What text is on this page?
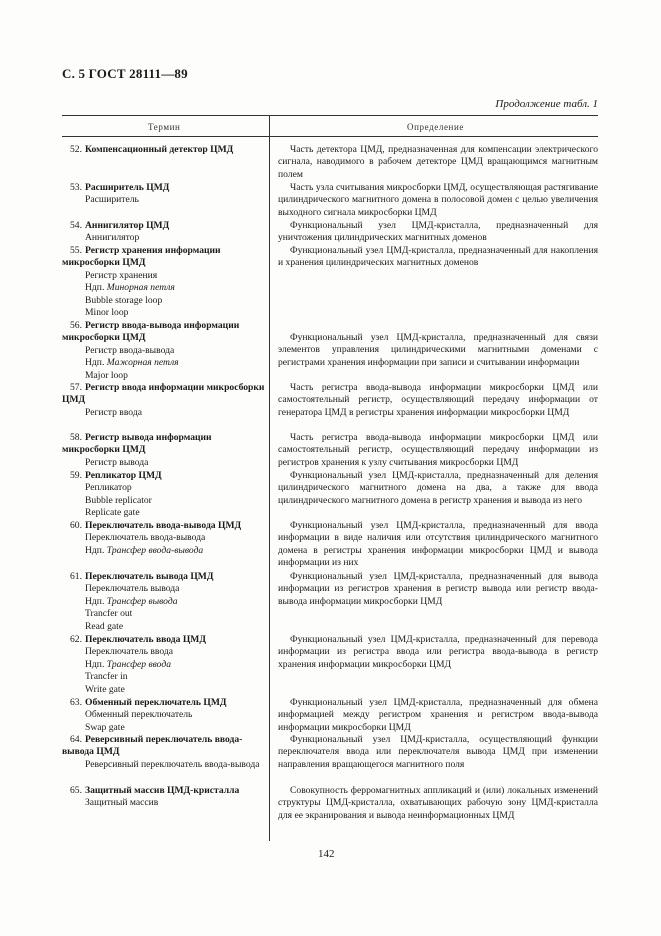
С. 5 ГОСТ 28111—89
Продолжение табл. 1
Термин	Определение
52. Компенсационный детектор ЦМД	Часть детектора ЦМД, предназначенная для компенсации электрического сигнала, наводимого в рабочем детекторе ЦМД вращающимся магнитным полем

53. Расширитель ЦМД
Расширитель

Часть узла считывания микросборки ЦМД, осуществляющая растягивание цилиндрического магнитного домена в полосовой домен с целью увеличения выходного сигнала микросборки ЦМД

54. Аннигилятор ЦМД
Аннигилятор

Функциональный узел ЦМД-кристалла, предназначенный для уничтожения цилиндрических магнитных доменов

55. Регистр хранения информации микросборки ЦМД
Регистр хранения
Ндп. Минорная петля
Bubble storage loop
Minor loop

Функциональный узел ЦМД-кристалла, предназначенный для накопления и хранения цилиндрических магнитных доменов

56. Регистр ввода-вывода информации микросборки ЦМД
Регистр ввода-вывода
Ндп. Мажорная петля
Major loop

Функциональный узел ЦМД-кристалла, предназначенный для связи элементов управления цилиндрическими магнитными доменами с регистрами хранения информации при записи и считывании информации

57. Регистр ввода информации микросборки ЦМД
Регистр ввода

Часть регистра ввода-вывода информации микросборки ЦМД или самостоятельный регистр, осуществляющий передачу информации от генератора ЦМД в регистры хранения информации микросборки ЦМД

58. Регистр вывода информации микросборки ЦМД
Регистр вывода

Часть регистра ввода-вывода информации микросборки ЦМД или самостоятельный регистр, осуществляющий передачу информации из регистров хранения к узлу считывания микросборки ЦМД

59. Репликатор ЦМД
Репликатор
Bubble replicator
Replicate gate

Функциональный узел ЦМД-кристалла, предназначенный для деления цилиндрического магнитного домена на два, а также для ввода цилиндрического магнитного домена в регистр хранения и вывода из него

60. Переключатель ввода-вывода ЦМД
Переключатель ввода-вывода
Ндп. Трансфер ввода-вывода

Функциональный узел ЦМД-кристалла, предназначенный для ввода информации в виде наличия или отсутствия цилиндрического магнитного домена в регистры хранения информации микросборки ЦМД и вывода информации из них

61. Переключатель вывода ЦМД
Переключатель вывода
Ндп. Трансфер вывода
Trancfer out
Read gate

Функциональный узел ЦМД-кристалла, предназначенный для вывода информации из регистров хранения в регистр вывода или регистр ввода-вывода информации микросборки ЦМД

62. Переключатель ввода ЦМД
Переключатель ввода
Ндп. Трансфер ввода
Trancfer in
Write gate

Функциональный узел ЦМД-кристалла, предназначенный для перевода информации из регистра ввода или регистра ввода-вывода в регистр хранения информации микросборки ЦМД

63. Обменный переключатель ЦМД
Обменный переключатель
Swap gate

Функциональный узел ЦМД-кристалла, предназначенный для обмена информацией между регистром хранения и регистром ввода-вывода информации микросборки ЦМД

64. Реверсивный переключатель ввода-вывода ЦМД
Реверсивный переключатель ввода-вывода

Функциональный узел ЦМД-кристалла, осуществляющий функции переключателя ввода или переключателя вывода ЦМД при изменении направления вращающегося магнитного поля

65. Защитный массив ЦМД-кристалла
Защитный массив

Совокупность ферромагнитных аппликаций и (или) локальных изменений структуры ЦМД-кристалла, охватывающих рабочую зону ЦМД-кристалла для ее экранирования и вывода неинформационных ЦМД

142
